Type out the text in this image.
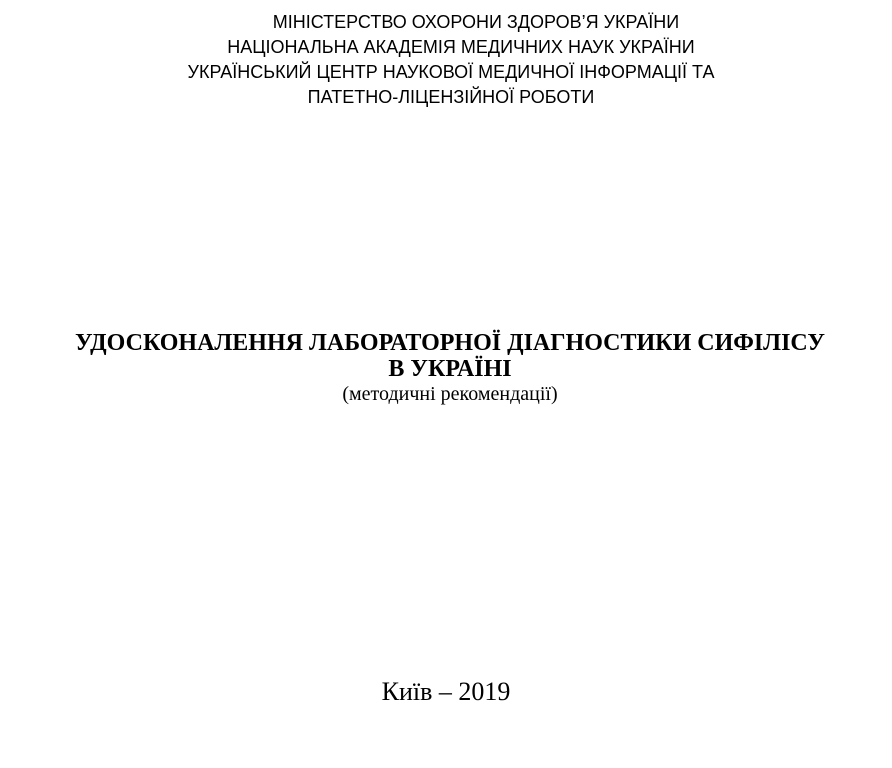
МІНІСТЕРСТВО ОХОРОНИ ЗДОРОВ’Я УКРАЇНИ
НАЦІОНАЛЬНА АКАДЕМІЯ МЕДИЧНИХ НАУК УКРАЇНИ
УКРАЇНСЬКИЙ ЦЕНТР НАУКОВОЇ МЕДИЧНОЇ ІНФОРМАЦІЇ ТА
ПАТЕТНО-ЛІЦЕНЗІЙНОЇ РОБОТИ
УДОСКОНАЛЕННЯ ЛАБОРАТОРНОЇ ДІАГНОСТИКИ СИФІЛІСУ
В УКРАЇНІ
(методичні рекомендації)
Київ – 2019
